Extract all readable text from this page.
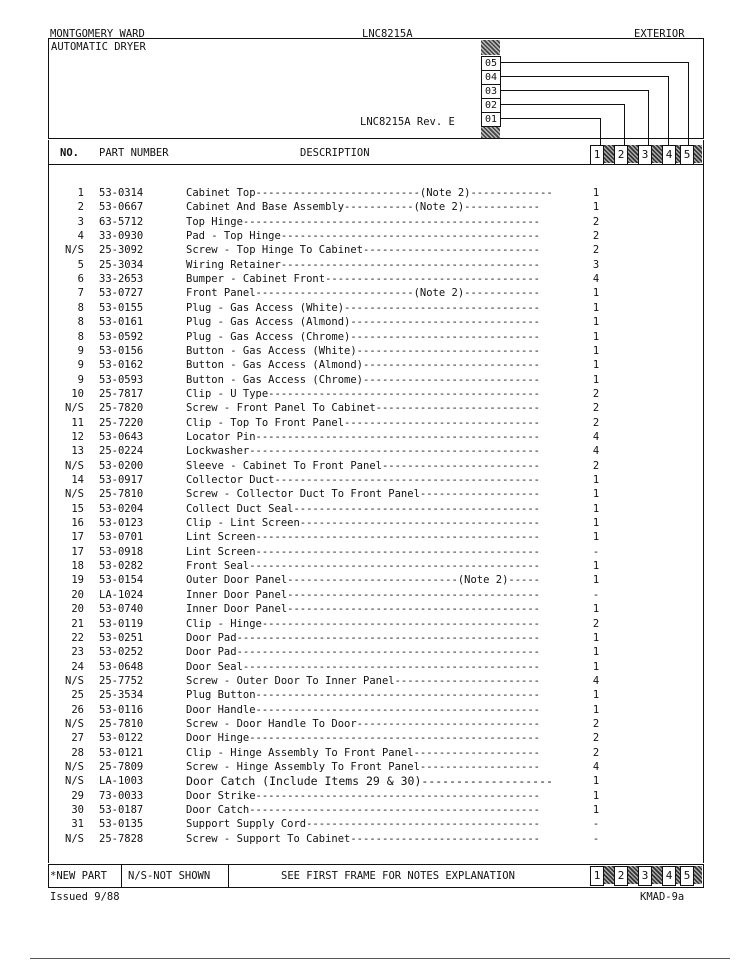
MONTGOMERY WARD	LNC8215A	EXTERIOR
AUTOMATIC DRYER
LNC8215A Rev. E
05
04
03
02
01
NO. PART NUMBER	DESCRIPTION	1	2	3	4	5
1 53-0314	Cabinet Top--------------------------(Note 2)-------------	1
2 53-0667	Cabinet And Base Assembly-----------(Note 2)------------	1
3 63-5712	Top Hinge-----------------------------------------------	2
4 33-0930	Pad - Top Hinge-----------------------------------------	2
N/S 25-3092	Screw - Top Hinge To Cabinet----------------------------	2
5 25-3034	Wiring Retainer-----------------------------------------	3
6 33-2653	Bumper - Cabinet Front----------------------------------	4
7 53-0727	Front Panel-------------------------(Note 2)------------	1
8 53-0155	Plug - Gas Access (White)-------------------------------	1
8 53-0161	Plug - Gas Access (Almond)------------------------------	1
8 53-0592	Plug - Gas Access (Chrome)------------------------------	1
9 53-0156	Button - Gas Access (White)-----------------------------	1
9 53-0162	Button - Gas Access (Almond)----------------------------	1
9 53-0593	Button - Gas Access (Chrome)----------------------------	1
10 25-7817	Clip - U Type-------------------------------------------	2
N/S 25-7820	Screw - Front Panel To Cabinet--------------------------	2
11 25-7220	Clip - Top To Front Panel-------------------------------	2
12 53-0643	Locator Pin---------------------------------------------	4
13 25-0224	Lockwasher----------------------------------------------	4
N/S 53-0200	Sleeve - Cabinet To Front Panel-------------------------	2
14 53-0917	Collector Duct------------------------------------------	1
N/S 25-7810	Screw - Collector Duct To Front Panel-------------------	1
15 53-0204	Collect Duct Seal---------------------------------------	1
16 53-0123	Clip - Lint Screen--------------------------------------	1
17 53-0701	Lint Screen---------------------------------------------	1
17 53-0918	Lint Screen---------------------------------------------	-
18 53-0282	Front Seal----------------------------------------------	1
19 53-0154	Outer Door Panel---------------------------(Note 2)-----	1
20 LA-1024	Inner Door Panel----------------------------------------	-
20 53-0740	Inner Door Panel----------------------------------------	1
21 53-0119	Clip - Hinge--------------------------------------------	2
22 53-0251	Door Pad------------------------------------------------	1
23 53-0252	Door Pad------------------------------------------------	1
24 53-0648	Door Seal-----------------------------------------------	1
N/S 25-7752	Screw - Outer Door To Inner Panel-----------------------	4
25 25-3534	Plug Button---------------------------------------------	1
26 53-0116	Door Handle---------------------------------------------	1
N/S 25-7810	Screw - Door Handle To Door-----------------------------	2
27 53-0122	Door Hinge----------------------------------------------	2
28 53-0121	Clip - Hinge Assembly To Front Panel--------------------	2
N/S 25-7809	Screw - Hinge Assembly To Front Panel-------------------	4
N/S LA-1003	Door Catch (Include Items 29 & 30)-------------------	1
29 73-0033	Door Strike---------------------------------------------	1
30 53-0187	Door Catch----------------------------------------------	1
31 53-0135	Support Supply Cord-------------------------------------	-
N/S 25-7828	Screw - Support To Cabinet------------------------------	-
*NEW PART N/S-NOT SHOWN	SEE FIRST FRAME FOR NOTES EXPLANATION	1	2	3	4	5
Issued 9/88	KMAD-9a
